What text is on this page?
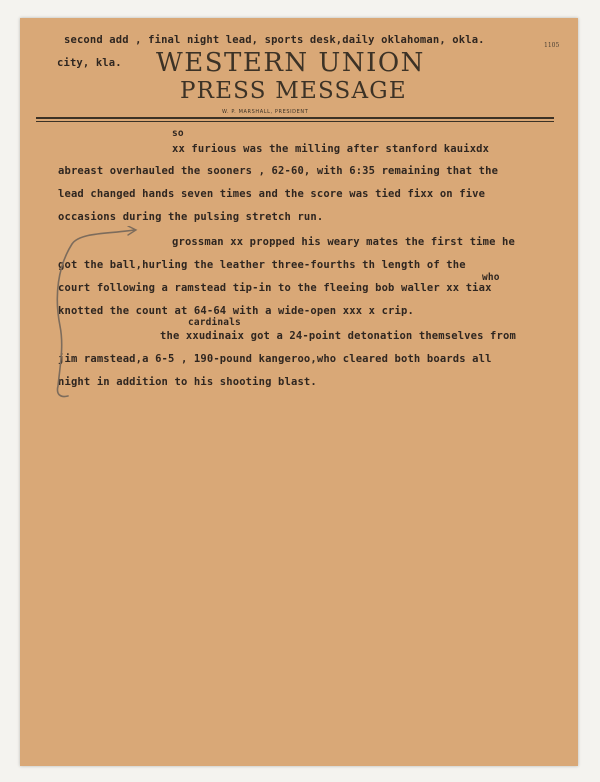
second add , final night lead, sports desk,daily oklahoman, okla.
city, kla.
1105
WESTERN UNION
PRESS MESSAGE
W. P. MARSHALL, PRESIDENT
so
xx furious was the milling after stanford kauixdx
abreast overhauled the sooners , 62-60, with 6:35 remaining that the
lead changed hands seven times and the score was tied fixx on five
occasions during the pulsing stretch run.
grossman xx propped his weary mates the first time he
got the ball,hurling the leather three-fourths th length of the
who
court following a ramstead tip-in to the fleeing bob waller xx tiax
knotted the count at 64-64 with a wide-open xxx x crip.
cardinals
the xxudinaix got a 24-point detonation themselves from
jim ramstead,a 6-5 , 190-pound kangeroo,who cleared both boards all
night in addition to his shooting blast.
